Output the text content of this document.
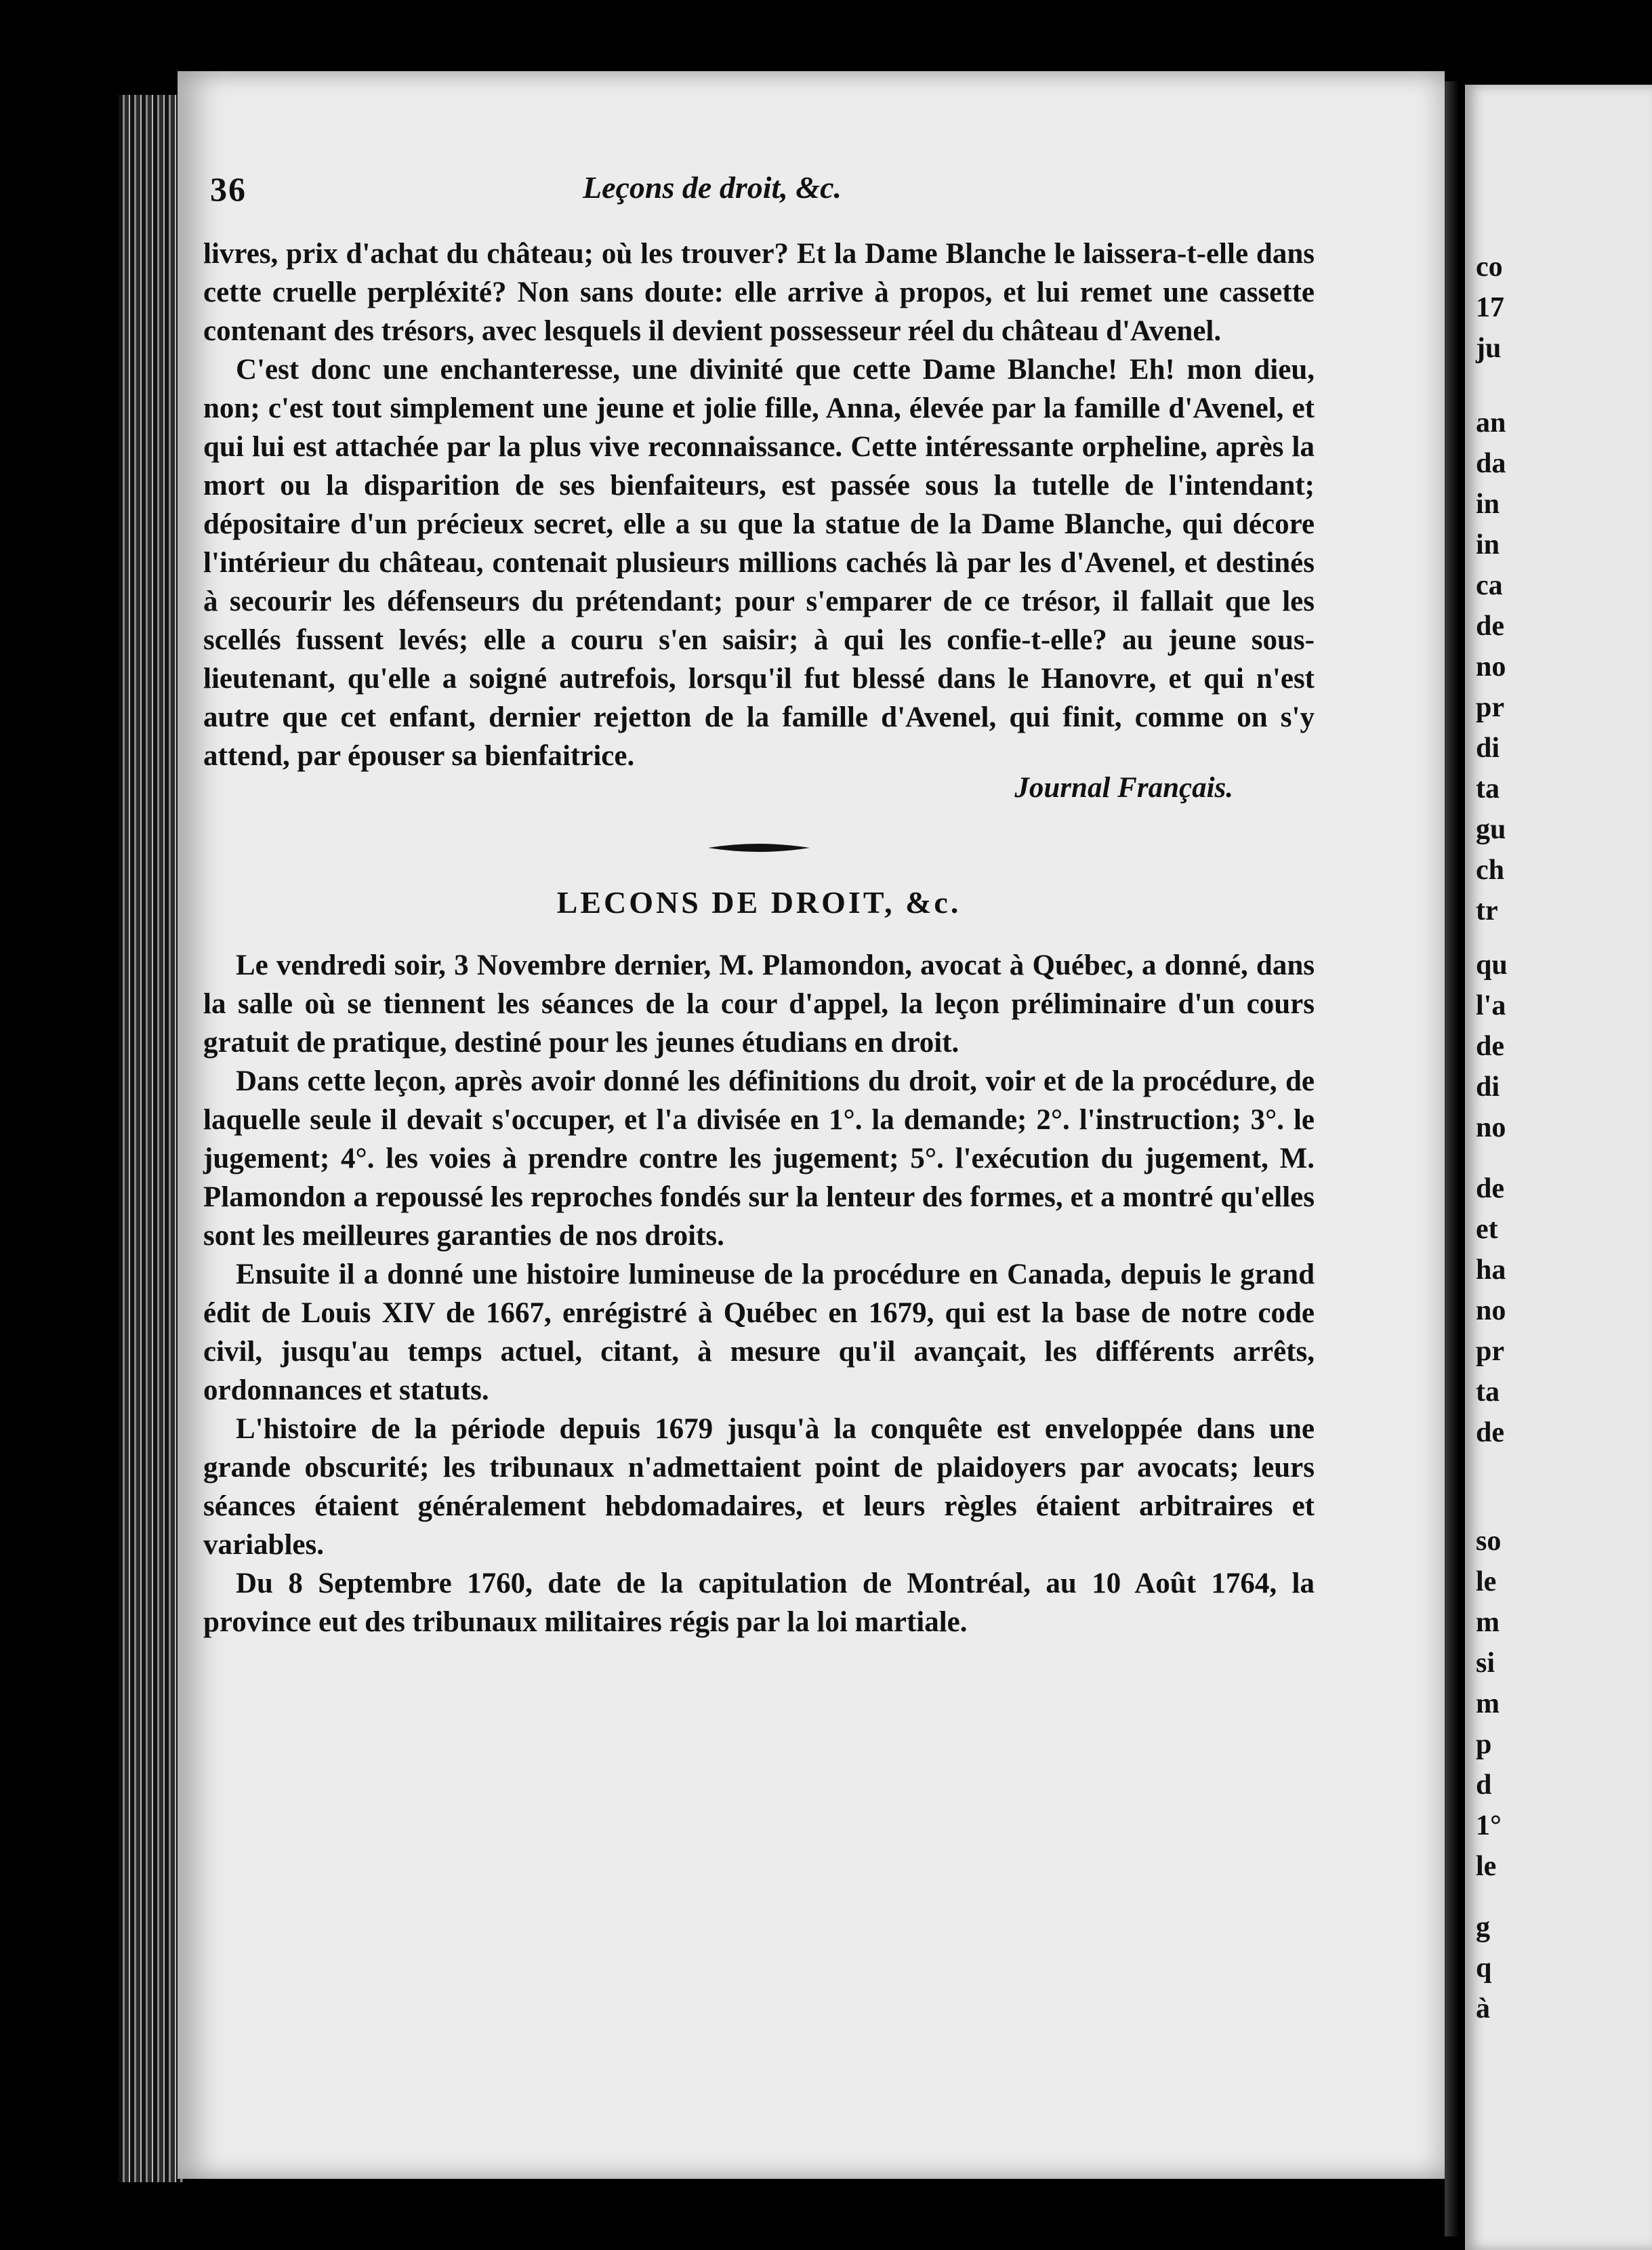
36	Leçons de droit, &c.

livres, prix d'achat du château; où les trouver? Et la Dame Blanche le laissera-t-elle dans cette cruelle perpléxité? Non sans doute: elle arrive à propos, et lui remet une cassette contenant des trésors, avec lesquels il devient possesseur réel du château d'Avenel.

C'est donc une enchanteresse, une divinité que cette Dame Blanche! Eh! mon dieu, non; c'est tout simplement une jeune et jolie fille, Anna, élevée par la famille d'Avenel, et qui lui est attachée par la plus vive reconnaissance. Cette intéressante orpheline, après la mort ou la disparition de ses bienfaiteurs, est passée sous la tutelle de l'intendant; dépositaire d'un précieux secret, elle a su que la statue de la Dame Blanche, qui décore l'intérieur du château, contenait plusieurs millions cachés là par les d'Avenel, et destinés à secourir les défenseurs du prétendant; pour s'emparer de ce trésor, il fallait que les scellés fussent levés; elle a couru s'en saisir; à qui les confie-t-elle? au jeune sous-lieutenant, qu'elle a soigné autrefois, lorsqu'il fut blessé dans le Hanovre, et qui n'est autre que cet enfant, dernier rejetton de la famille d'Avenel, qui finit, comme on s'y attend, par épouser sa bienfaitrice.

Journal Français.
LECONS DE DROIT, &c.

Le vendredi soir, 3 Novembre dernier, M. Plamondon, avocat à Québec, a donné, dans la salle où se tiennent les séances de la cour d'appel, la leçon préliminaire d'un cours gratuit de pratique, destiné pour les jeunes étudians en droit.

Dans cette leçon, après avoir donné les définitions du droit, voir et de la procédure, de laquelle seule il devait s'occuper, et l'a divisée en 1°. la demande; 2°. l'instruction; 3°. le jugement; 4°. les voies à prendre contre les jugement; 5°. l'exécution du jugement, M. Plamondon a repoussé les reproches fondés sur la lenteur des formes, et a montré qu'elles sont les meilleures garanties de nos droits.

Ensuite il a donné une histoire lumineuse de la procédure en Canada, depuis le grand édit de Louis XIV de 1667, enrégistré à Québec en 1679, qui est la base de notre code civil, jusqu'au temps actuel, citant, à mesure qu'il avançait, les différents arrêts, ordonnances et statuts.

L'histoire de la période depuis 1679 jusqu'à la conquête est enveloppée dans une grande obscurité; les tribunaux n'admettaient point de plaidoyers par avocats; leurs séances étaient généralement hebdomadaires, et leurs règles étaient arbitraires et variables.

Du 8 Septembre 1760, date de la capitulation de Montréal, au 10 Août 1764, la province eut des tribunaux militaires régis par la loi martiale.

co
17
ju
an
da
in
in
ca
de
no
pr
di
ta
gu
ch
tr
qu
l'a
de
di
no
de
et
ha
no
pr
ta
de
so
le
m
si
m
p
d
1°
le
g
q
à
